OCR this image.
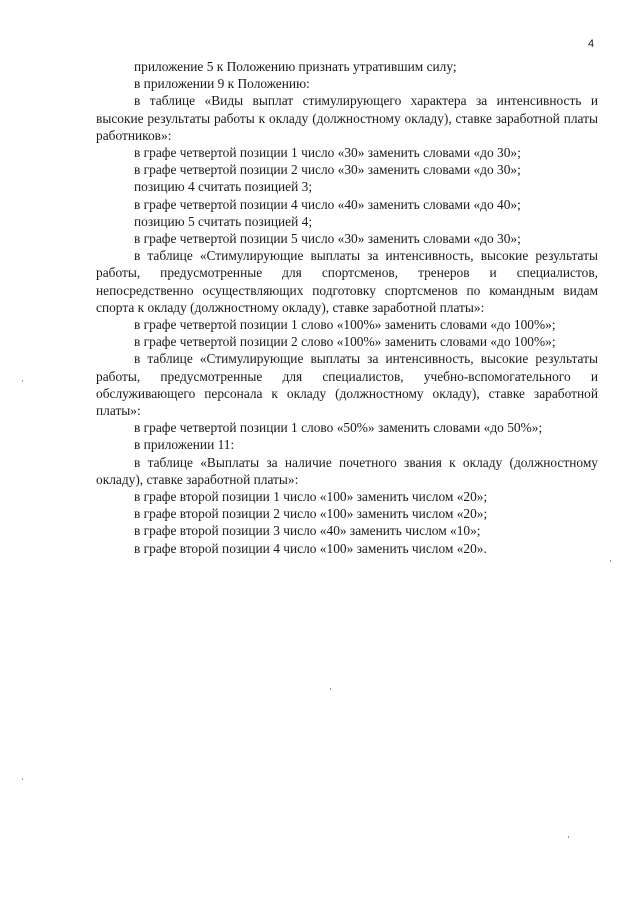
4

приложение 5 к Положению признать утратившим силу;

в приложении 9 к Положению:

в таблице «Виды выплат стимулирующего характера за интенсивность и высокие результаты работы к окладу (должностному окладу), ставке заработной платы работников»:

в графе четвертой позиции 1 число «30» заменить словами «до 30»;

в графе четвертой позиции 2 число «30» заменить словами «до 30»;

позицию 4 считать позицией 3;

в графе четвертой позиции 4 число «40» заменить словами «до 40»;

позицию 5 считать позицией 4;

в графе четвертой позиции 5 число «30» заменить словами «до 30»;

в таблице «Стимулирующие выплаты за интенсивность, высокие результаты работы, предусмотренные для спортсменов, тренеров и специалистов, непосредственно осуществляющих подготовку спортсменов по командным видам спорта к окладу (должностному окладу), ставке заработной платы»:

в графе четвертой позиции 1 слово «100%» заменить словами «до 100%»;

в графе четвертой позиции 2 слово «100%» заменить словами «до 100%»;

в таблице «Стимулирующие выплаты за интенсивность, высокие результаты работы, предусмотренные для специалистов, учебно-вспомогательного и обслуживающего персонала к окладу (должностному окладу), ставке заработной платы»:

в графе четвертой позиции 1 слово «50%» заменить словами «до 50%»;

в приложении 11:

в таблице «Выплаты за наличие почетного звания к окладу (должностному окладу), ставке заработной платы»:

в графе второй позиции 1 число «100» заменить числом «20»;

в графе второй позиции 2 число «100» заменить числом «20»;

в графе второй позиции 3 число «40» заменить числом «10»;

в графе второй позиции 4 число «100» заменить числом «20».
